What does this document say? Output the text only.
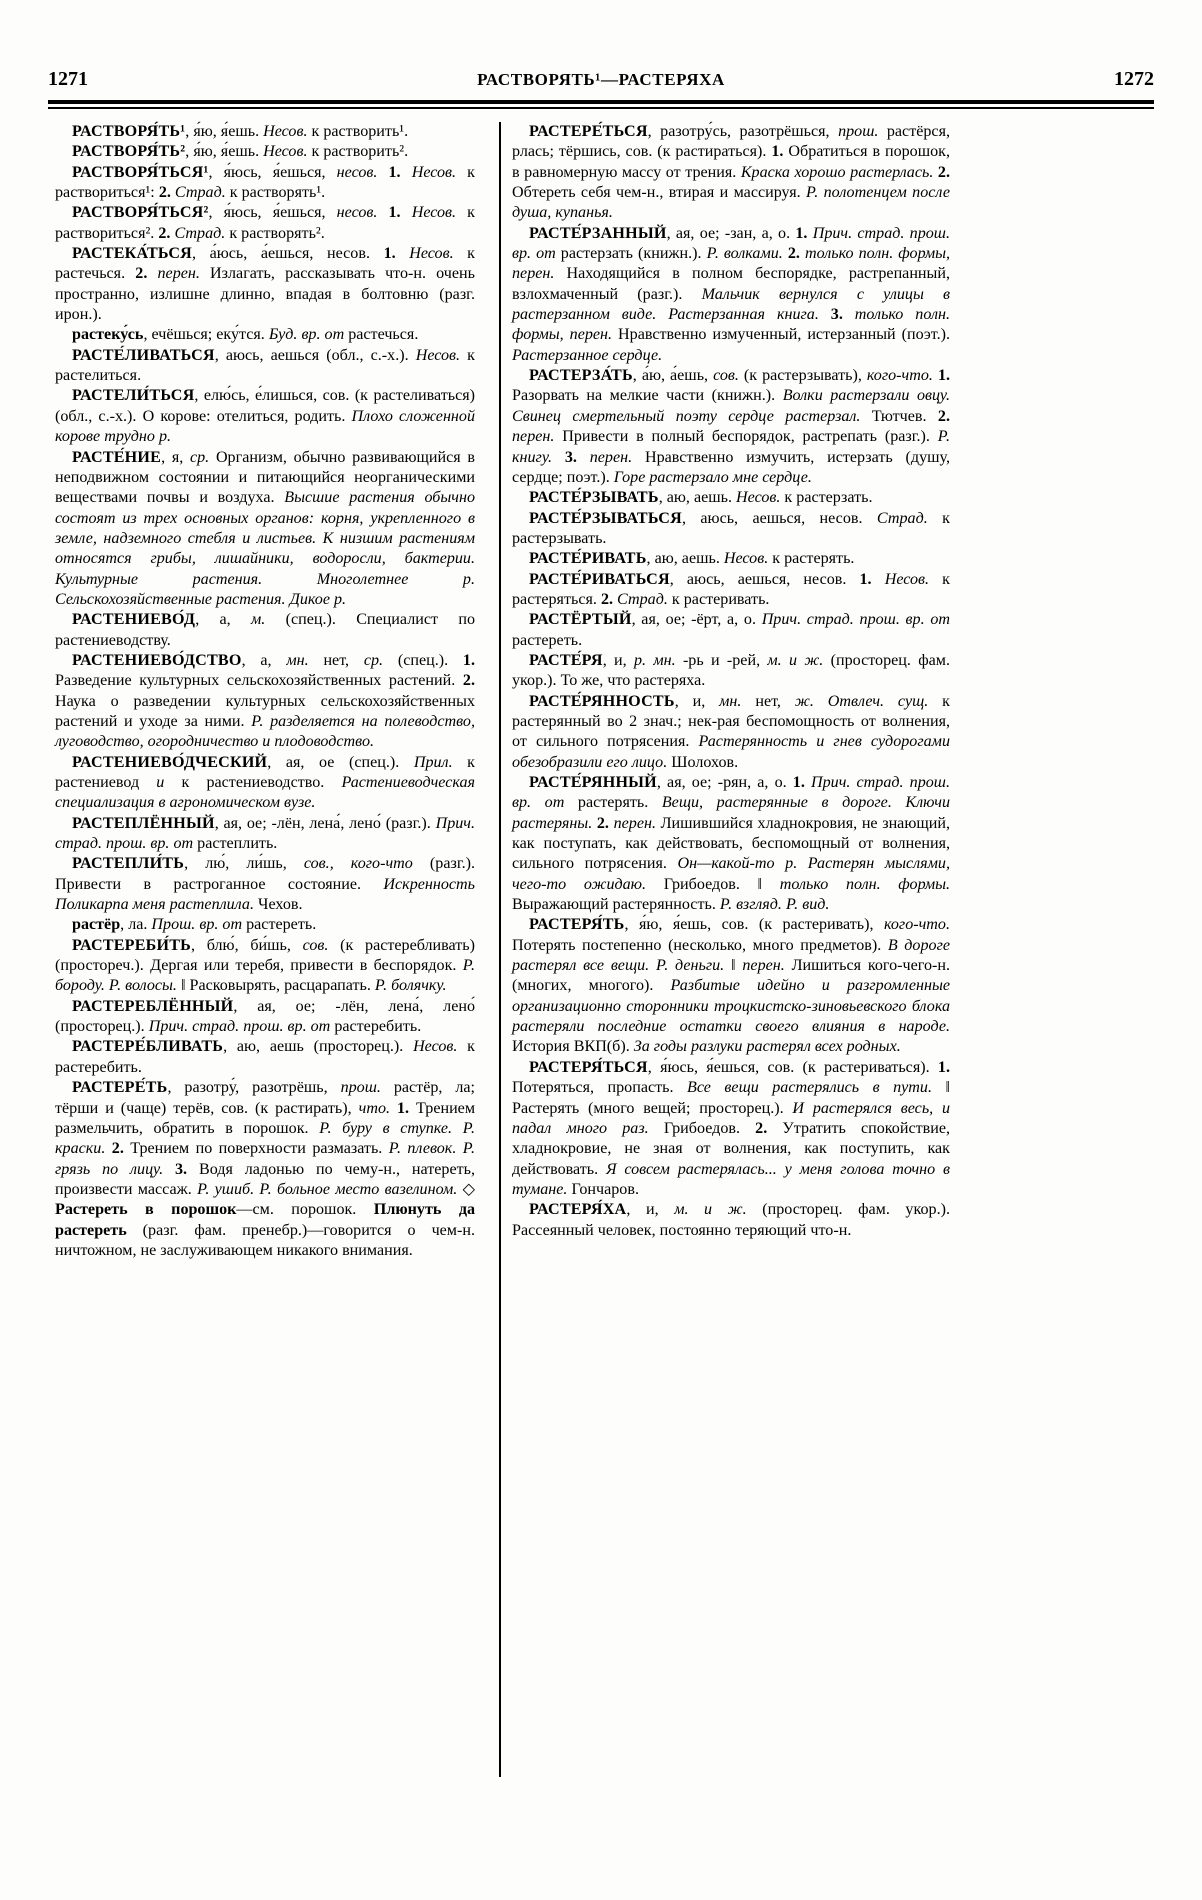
1271	РАСТВОРЯТЬ¹—РАСТЕРЯХА	1272

РАСТВОРЯ́ТЬ¹, я́ю, я́ешь. Несов. к растворить¹.

РАСТВОРЯ́ТЬ², я́ю, я́ешь. Несов. к растворить².

РАСТВОРЯ́ТЬСЯ¹, я́юсь, я́ешься, несов. 1. Несов. к раствориться¹: 2. Страд. к растворять¹.

РАСТВОРЯ́ТЬСЯ², я́юсь, я́ешься, несов. 1. Несов. к раствориться². 2. Страд. к растворять².

РАСТЕКА́ТЬСЯ, а́юсь, а́ешься, несов. 1. Несов. к растечься. 2. перен. Излагать, рассказывать что-н. очень пространно, излишне длинно, впадая в болтовню (разг. ирон.).

растеку́сь, ечёшься; еку́тся. Буд. вр. от растечься.

РАСТЕ́ЛИВАТЬСЯ, аюсь, аешься (обл., с.-х.). Несов. к растелиться.

РАСТЕЛИ́ТЬСЯ, елю́сь, е́лишься, сов. (к растеливаться) (обл., с.-х.). О корове: отелиться, родить. Плохо сложенной корове трудно р.

РАСТЕ́НИЕ, я, ср. Организм, обычно развивающийся в неподвижном состоянии и питающийся неорганическими веществами почвы и воздуха. Высшие растения обычно состоят из трех основных органов: корня, укрепленного в земле, надземного стебля и листьев. К низшим растениям относятся грибы, лишайники, водоросли, бактерии. Культурные растения. Многолетнее р. Сельскохозяйственные растения. Дикое р.

РАСТЕНИЕВО́Д, а, м. (спец.). Специалист по растениеводству.

РАСТЕНИЕВО́ДСТВО, а, мн. нет, ср. (спец.). 1. Разведение культурных сельскохозяйственных растений. 2. Наука о разведении культурных сельскохозяйственных растений и уходе за ними. Р. разделяется на полеводство, луговодство, огородничество и плодоводство.

РАСТЕНИЕВО́ДЧЕСКИЙ, ая, ое (спец.). Прил. к растениевод и к растениеводство. Растениеводческая специализация в агрономическом вузе.

РАСТЕПЛЁННЫЙ, ая, ое; -лён, лена́, лено́ (разг.). Прич. страд. прош. вр. от растеплить.

РАСТЕПЛИ́ТЬ, лю́, ли́шь, сов., кого-что (разг.). Привести в растроганное состояние. Искренность Поликарпа меня растеплила. Чехов.

растёр, ла. Прош. вр. от растереть.

РАСТЕРЕБИ́ТЬ, блю́, би́шь, сов. (к растеребливать) (простореч.). Дергая или теребя, привести в беспорядок. Р. бороду. Р. волосы. ‖ Расковырять, расцарапать. Р. болячку.

РАСТЕРЕБЛЁННЫЙ, ая, ое; -лён, лена́, лено́ (просторец.). Прич. страд. прош. вр. от растеребить.

РАСТЕРЕ́БЛИВАТЬ, аю, аешь (просторец.). Несов. к растеребить.

РАСТЕРЕ́ТЬ, разотру́, разотрёшь, прош. растёр, ла; тёрши и (чаще) терёв, сов. (к растирать), что. 1. Трением размельчить, обратить в порошок. Р. буру в ступке. Р. краски. 2. Трением по поверхности размазать. Р. плевок. Р. грязь по лицу. 3. Водя ладонью по чему-н., натереть, произвести массаж. Р. ушиб. Р. больное место вазелином. ◇ Растереть в порошок—см. порошок. Плюнуть да растереть (разг. фам. пренебр.)—говорится о чем-н. ничтожном, не заслуживающем никакого внимания.

РАСТЕРЕ́ТЬСЯ, разотру́сь, разотрёшься, прош. растёрся, рлась; тёршись, сов. (к растираться). 1. Обратиться в порошок, в равномерную массу от трения. Краска хорошо растерлась. 2. Обтереть себя чем-н., втирая и массируя. Р. полотенцем после душа, купанья.

РАСТЕ́РЗАННЫЙ, ая, ое; -зан, а, о. 1. Прич. страд. прош. вр. от растерзать (книжн.). Р. волками. 2. только полн. формы, перен. Находящийся в полном беспорядке, растрепанный, взлохмаченный (разг.). Мальчик вернулся с улицы в растерзанном виде. Растерзанная книга. 3. только полн. формы, перен. Нравственно измученный, истерзанный (поэт.). Растерзанное сердце.

РАСТЕРЗА́ТЬ, а́ю, а́ешь, сов. (к растерзывать), кого-что. 1. Разорвать на мелкие части (книжн.). Волки растерзали овцу. Свинец смертельный поэту сердце растерзал. Тютчев. 2. перен. Привести в полный беспорядок, растрепать (разг.). Р. книгу. 3. перен. Нравственно измучить, истерзать (душу, сердце; поэт.). Горе растерзало мне сердце.

РАСТЕ́РЗЫВАТЬ, аю, аешь. Несов. к растерзать.

РАСТЕ́РЗЫВАТЬСЯ, аюсь, аешься, несов. Страд. к растерзывать.

РАСТЕ́РИВАТЬ, аю, аешь. Несов. к растерять.

РАСТЕ́РИВАТЬСЯ, аюсь, аешься, несов. 1. Несов. к растеряться. 2. Страд. к растеривать.

РАСТЁРТЫЙ, ая, ое; -ёрт, а, о. Прич. страд. прош. вр. от растереть.

РАСТЕ́РЯ, и, р. мн. -рь и -рей, м. и ж. (просторец. фам. укор.). То же, что растеряха.

РАСТЕ́РЯННОСТЬ, и, мн. нет, ж. Отвлеч. сущ. к растерянный во 2 знач.; нек-рая беспомощность от волнения, от сильного потрясения. Растерянность и гнев судорогами обезобразили его лицо. Шолохов.

РАСТЕ́РЯННЫЙ, ая, ое; -рян, а, о. 1. Прич. страд. прош. вр. от растерять. Вещи, растерянные в дороге. Ключи растеряны. 2. перен. Лишившийся хладнокровия, не знающий, как поступать, как действовать, беспомощный от волнения, сильного потрясения. Он—какой-то р. Растерян мыслями, чего-то ожидаю. Грибоедов. ‖ только полн. формы. Выражающий растерянность. Р. взгляд. Р. вид.

РАСТЕРЯ́ТЬ, я́ю, я́ешь, сов. (к растеривать), кого-что. Потерять постепенно (несколько, много предметов). В дороге растерял все вещи. Р. деньги. ‖ перен. Лишиться кого-чего-н. (многих, многого). Разбитые идейно и разгромленные организационно сторонники троцкистско-зиновьевского блока растеряли последние остатки своего влияния в народе. История ВКП(б). За годы разлуки растерял всех родных.

РАСТЕРЯ́ТЬСЯ, я́юсь, я́ешься, сов. (к растериваться). 1. Потеряться, пропасть. Все вещи растерялись в пути. ‖ Растерять (много вещей; просторец.). И растерялся весь, и падал много раз. Грибоедов. 2. Утратить спокойствие, хладнокровие, не зная от волнения, как поступить, как действовать. Я совсем растерялась... у меня голова точно в тумане. Гончаров.

РАСТЕРЯ́ХА, и, м. и ж. (просторец. фам. укор.). Рассеянный человек, постоянно теряющий что-н.
